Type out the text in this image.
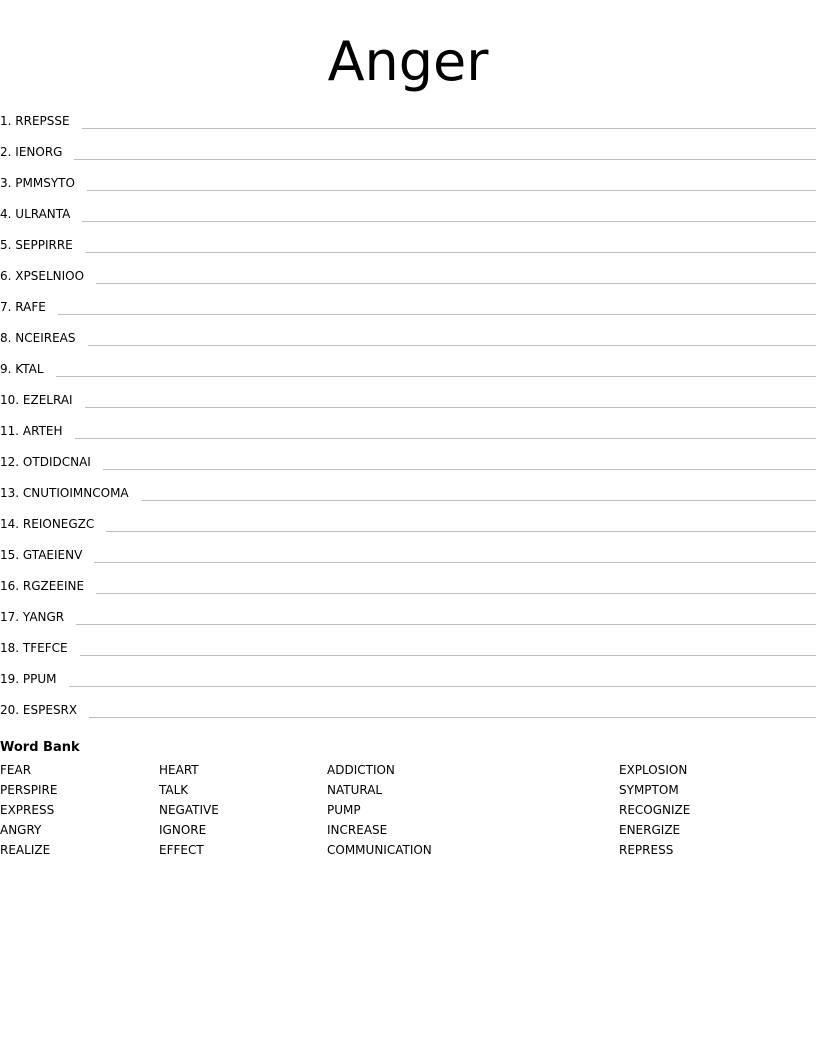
Anger
1. RREPSSE
2. IENORG
3. PMMSYTO
4. ULRANTA
5. SEPPIRRE
6. XPSELNIOO
7. RAFE
8. NCEIREAS
9. KTAL
10. EZELRAI
11. ARTEH
12. OTDIDCNAI
13. CNUTIOIMNCOMA
14. REIONEGZC
15. GTAEIENV
16. RGZEEINE
17. YANGR
18. TFEFCE
19. PPUM
20. ESPESRX
Word Bank
FEAR
PERSPIRE
EXPRESS
ANGRY
REALIZE
HEART
TALK
NEGATIVE
IGNORE
EFFECT
ADDICTION
NATURAL
PUMP
INCREASE
COMMUNICATION
EXPLOSION
SYMPTOM
RECOGNIZE
ENERGIZE
REPRESS
